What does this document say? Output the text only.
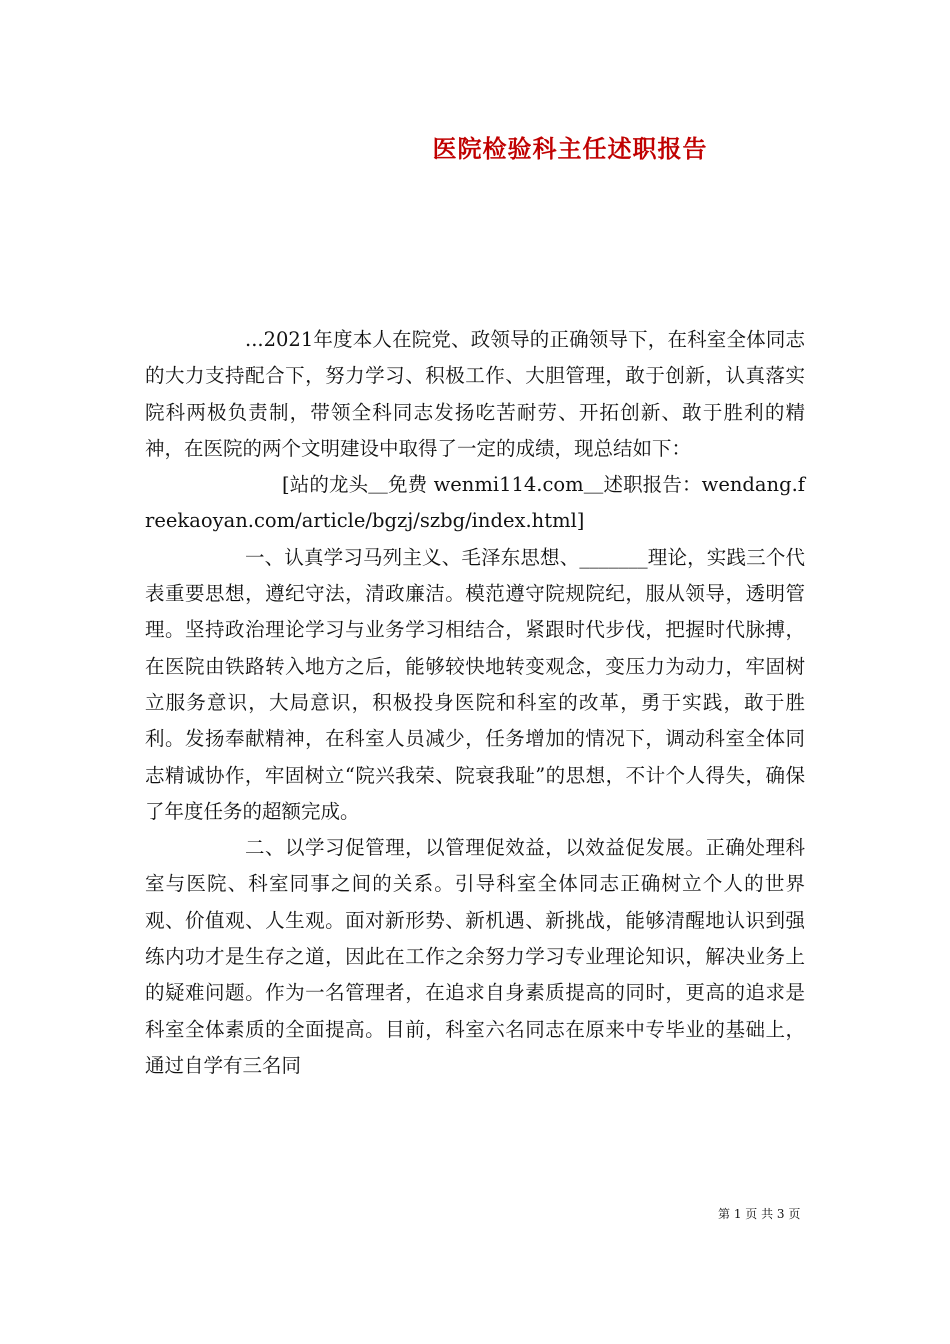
医院检验科主任述职报告

...2021年度本人在院党、政领导的正确领导下，在科室全体同志的大力支持配合下，努力学习、积极工作、大胆管理，敢于创新，认真落实院科两极负责制，带领全科同志发扬吃苦耐劳、开拓创新、敢于胜利的精神，在医院的两个文明建设中取得了一定的成绩，现总结如下：

[站的龙头＿免费 wenmi114.com＿述职报告：wendang.freekaoyan.com/article/bgzj/szbg/index.html]

一、认真学习马列主义、毛泽东思想、_______理论，实践三个代表重要思想，遵纪守法，清政廉洁。模范遵守院规院纪，服从领导，透明管理。坚持政治理论学习与业务学习相结合，紧跟时代步伐，把握时代脉搏，在医院由铁路转入地方之后，能够较快地转变观念，变压力为动力，牢固树立服务意识，大局意识，积极投身医院和科室的改革，勇于实践，敢于胜利。发扬奉献精神，在科室人员减少，任务增加的情况下，调动科室全体同志精诚协作，牢固树立“院兴我荣、院衰我耻”的思想，不计个人得失，确保了年度任务的超额完成。

二、以学习促管理，以管理促效益，以效益促发展。正确处理科室与医院、科室同事之间的关系。引导科室全体同志正确树立个人的世界观、价值观、人生观。面对新形势、新机遇、新挑战，能够清醒地认识到强练内功才是生存之道，因此在工作之余努力学习专业理论知识，解决业务上的疑难问题。作为一名管理者，在追求自身素质提高的同时，更高的追求是科室全体素质的全面提高。目前，科室六名同志在原来中专毕业的基础上，通过自学有三名同

第 1 页 共 3 页
